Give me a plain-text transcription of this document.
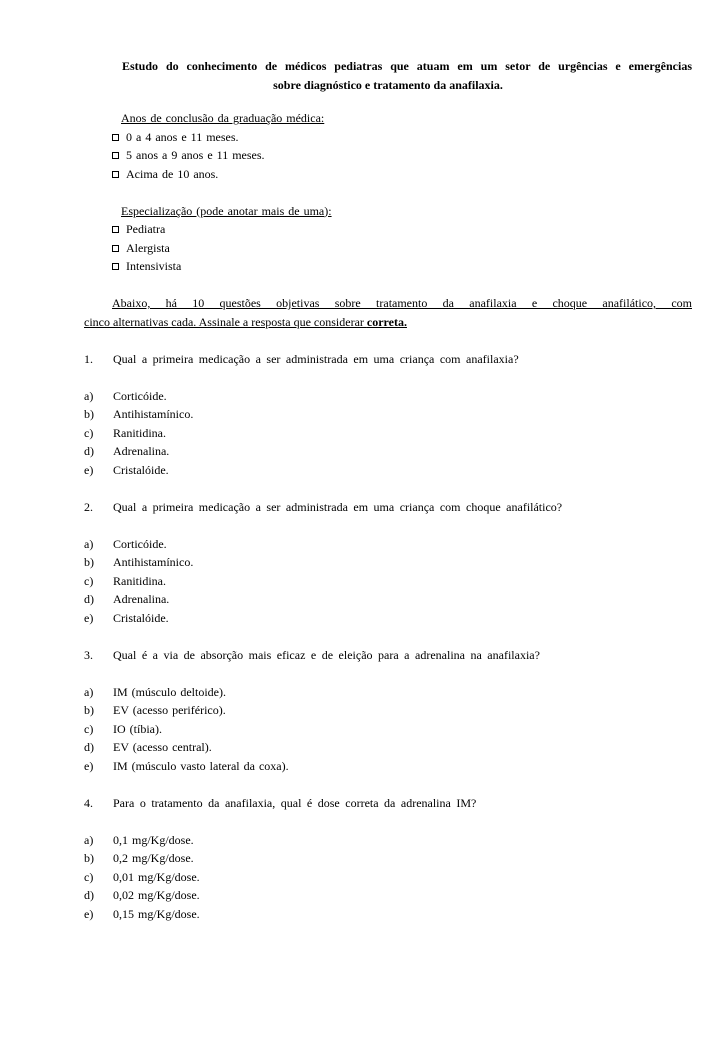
Estudo do conhecimento de médicos pediatras que atuam em um setor de urgências e emergências
sobre diagnóstico e tratamento da anafilaxia.
Anos de conclusão da graduação médica:
0 a 4 anos e 11 meses.
5 anos a 9 anos e 11 meses.
Acima de 10 anos.
Especialização (pode anotar mais de uma):
Pediatra
Alergista
Intensivista
Abaixo, há 10 questões objetivas sobre tratamento da anafilaxia e choque anafilático, com
cinco alternativas cada. Assinale a resposta que considerar correta.
1.	Qual a primeira medicação a ser administrada em uma criança com anafilaxia?
a)	Corticóide.
b)	Antihistamínico.
c)	Ranitidina.
d)	Adrenalina.
e)	Cristalóide.
2.	Qual a primeira medicação a ser administrada em uma criança com choque anafilático?
a)	Corticóide.
b)	Antihistamínico.
c)	Ranitidina.
d)	Adrenalina.
e)	Cristalóide.
3.	Qual é a via de absorção mais eficaz e de eleição para a adrenalina na anafilaxia?
a)	IM (músculo deltoide).
b)	EV (acesso periférico).
c)	IO (tíbia).
d)	EV (acesso central).
e)	IM (músculo vasto lateral da coxa).
4.	Para o tratamento da anafilaxia, qual é dose correta da adrenalina IM?
a)	0,1 mg/Kg/dose.
b)	0,2 mg/Kg/dose.
c)	0,01 mg/Kg/dose.
d)	0,02 mg/Kg/dose.
e)	0,15 mg/Kg/dose.
